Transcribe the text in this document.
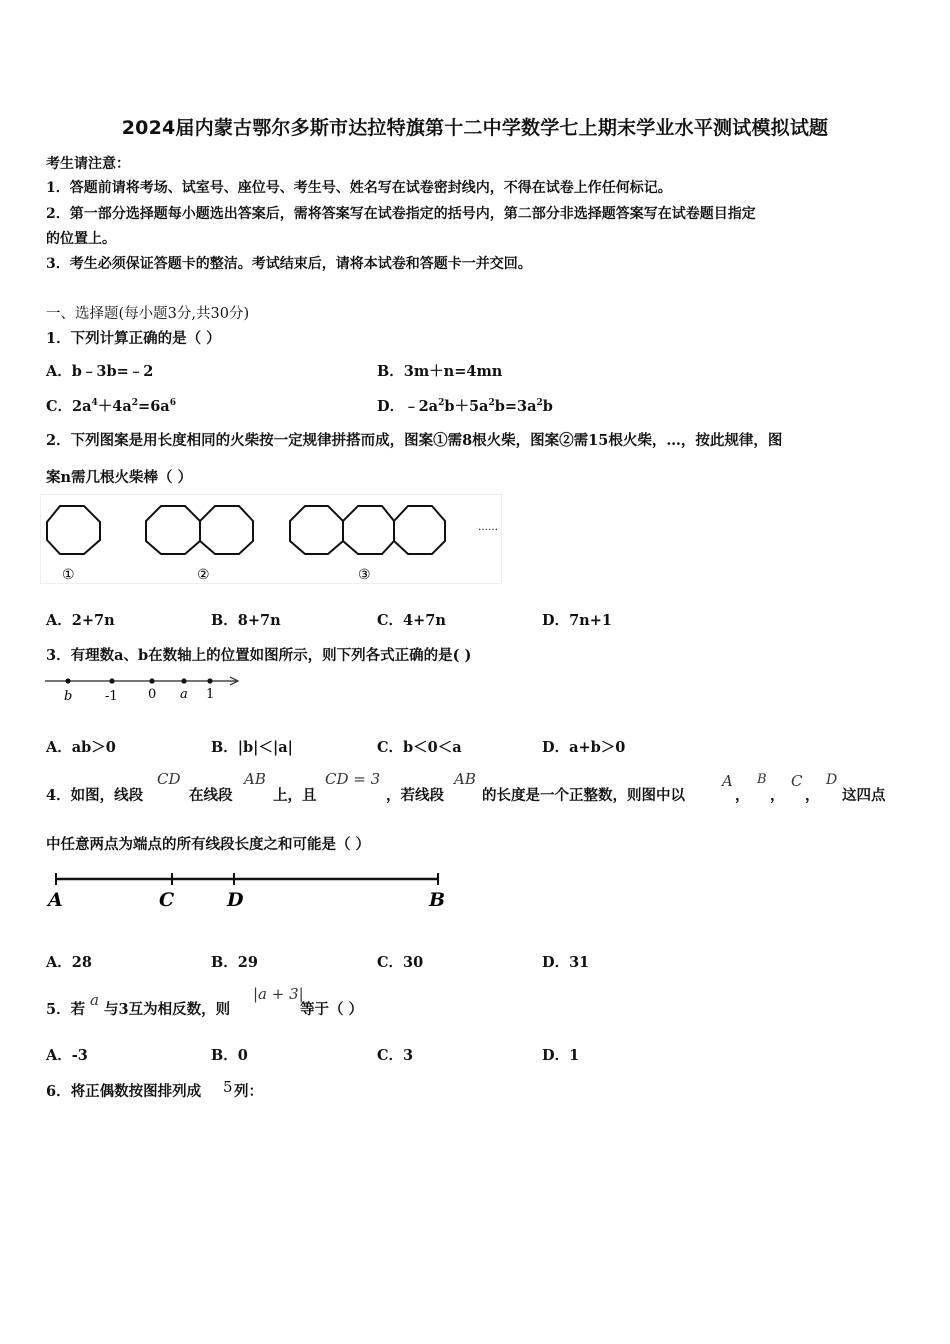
2024届内蒙古鄂尔多斯市达拉特旗第十二中学数学七上期末学业水平测试模拟试题
考生请注意：
1．答题前请将考场、试室号、座位号、考生号、姓名写在试卷密封线内，不得在试卷上作任何标记。
2．第一部分选择题每小题选出答案后，需将答案写在试卷指定的括号内，第二部分非选择题答案写在试卷题目指定
的位置上。
3．考生必须保证答题卡的整洁。考试结束后，请将本试卷和答题卡一并交回。
一、选择题(每小题3分,共30分)
1．下列计算正确的是（ ）
A．b﹣3b=﹣2	B．3m＋n=4mn
C．$2a^4+4a^2=6a^6$	D．$﹣2a^2b+5a^2b=3a^2b$
2．下列图案是用长度相同的火柴按一定规律拼搭而成，图案①需8根火柴，图案②需15根火柴，…，按此规律，图
案n需几根火柴棒（ ）
①	②	③
……
A．2+7n	B．8+7n	C．4+7n	D．7n+1
3．有理数a、b在数轴上的位置如图所示，则下列各式正确的是( )
b	-1 0 a 1
A．ab＞0	B．|b|＜|a|	C．b＜0＜a	D．a+b＞0
4．如图，线段
CD
在线段
AB
上，且
CD = 3
，若线段
AB
的长度是一个正整数，则图中以
A
，
B
，
C
，
D
这四点
中任意两点为端点的所有线段长度之和可能是（ ）
A	C	D	B
A．28	B．29	C．30	D．31
5．若
a
与3互为相反数，则
|a + 3|
等于（ ）
A．-3	B．0	C．3	D．1
6．将正偶数按图排列成 5 列：
